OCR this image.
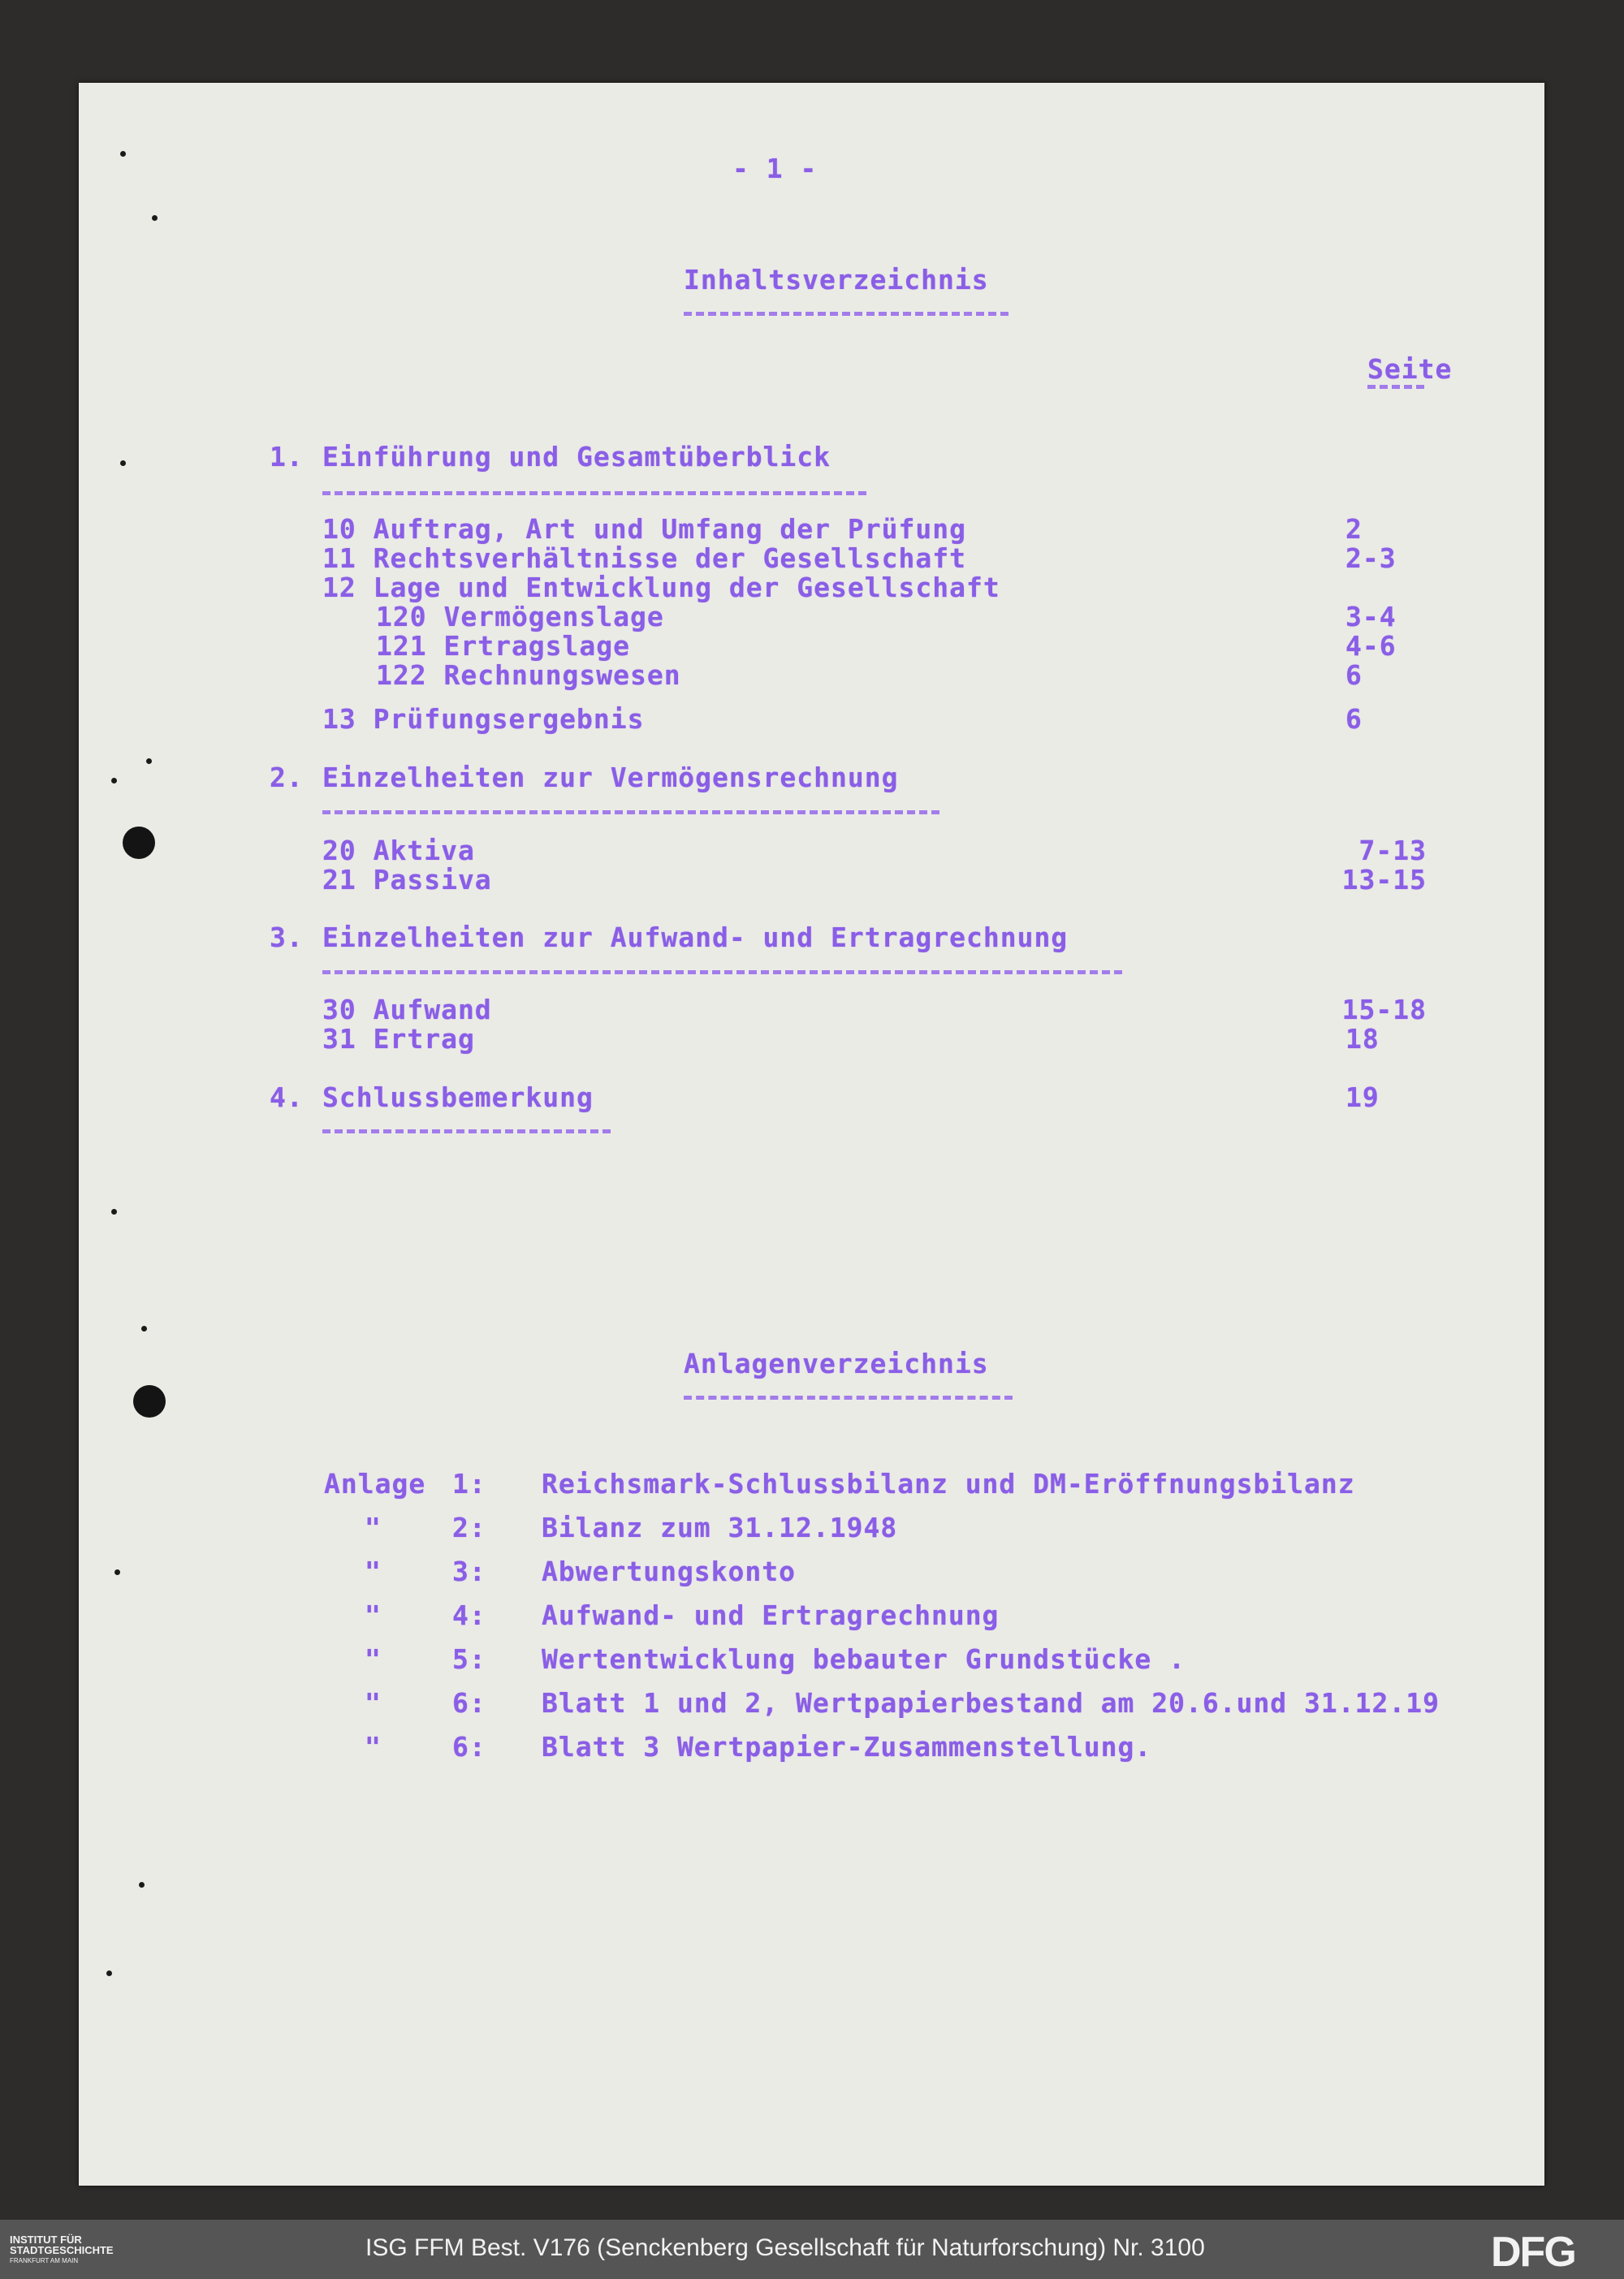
- 1 -
Inhaltsverzeichnis
Seite
1. Einführung und Gesamtüberblick
10 Auftrag, Art und Umfang der Prüfung	2
11 Rechtsverhältnisse der Gesellschaft	2-3
12 Lage und Entwicklung der Gesellschaft
120 Vermögenslage	3-4
121 Ertragslage	4-6
122 Rechnungswesen	6
13 Prüfungsergebnis	6
2. Einzelheiten zur Vermögensrechnung
20 Aktiva	7-13
21 Passiva	13-15
3. Einzelheiten zur Aufwand- und Ertragrechnung
30 Aufwand	15-18
31 Ertrag	18
4. Schlussbemerkung	19
Anlagenverzeichnis
Anlage 1: Reichsmark-Schlussbilanz und DM-Eröffnungsbilanz
"	2: Bilanz zum 31.12.1948
"	3: Abwertungskonto
"	4: Aufwand- und Ertragrechnung
"	5: Wertentwicklung bebauter Grundstücke .
"	6: Blatt 1 und 2, Wertpapierbestand am 20.6.und 31.12.19
"	6: Blatt 3 Wertpapier-Zusammenstellung.
INSTITUT FÜR
STADTGESCHICHTE
FRANKFURT AM MAIN	ISG FFM Best. V176 (Senckenberg Gesellschaft für Naturforschung) Nr. 3100	DFG
